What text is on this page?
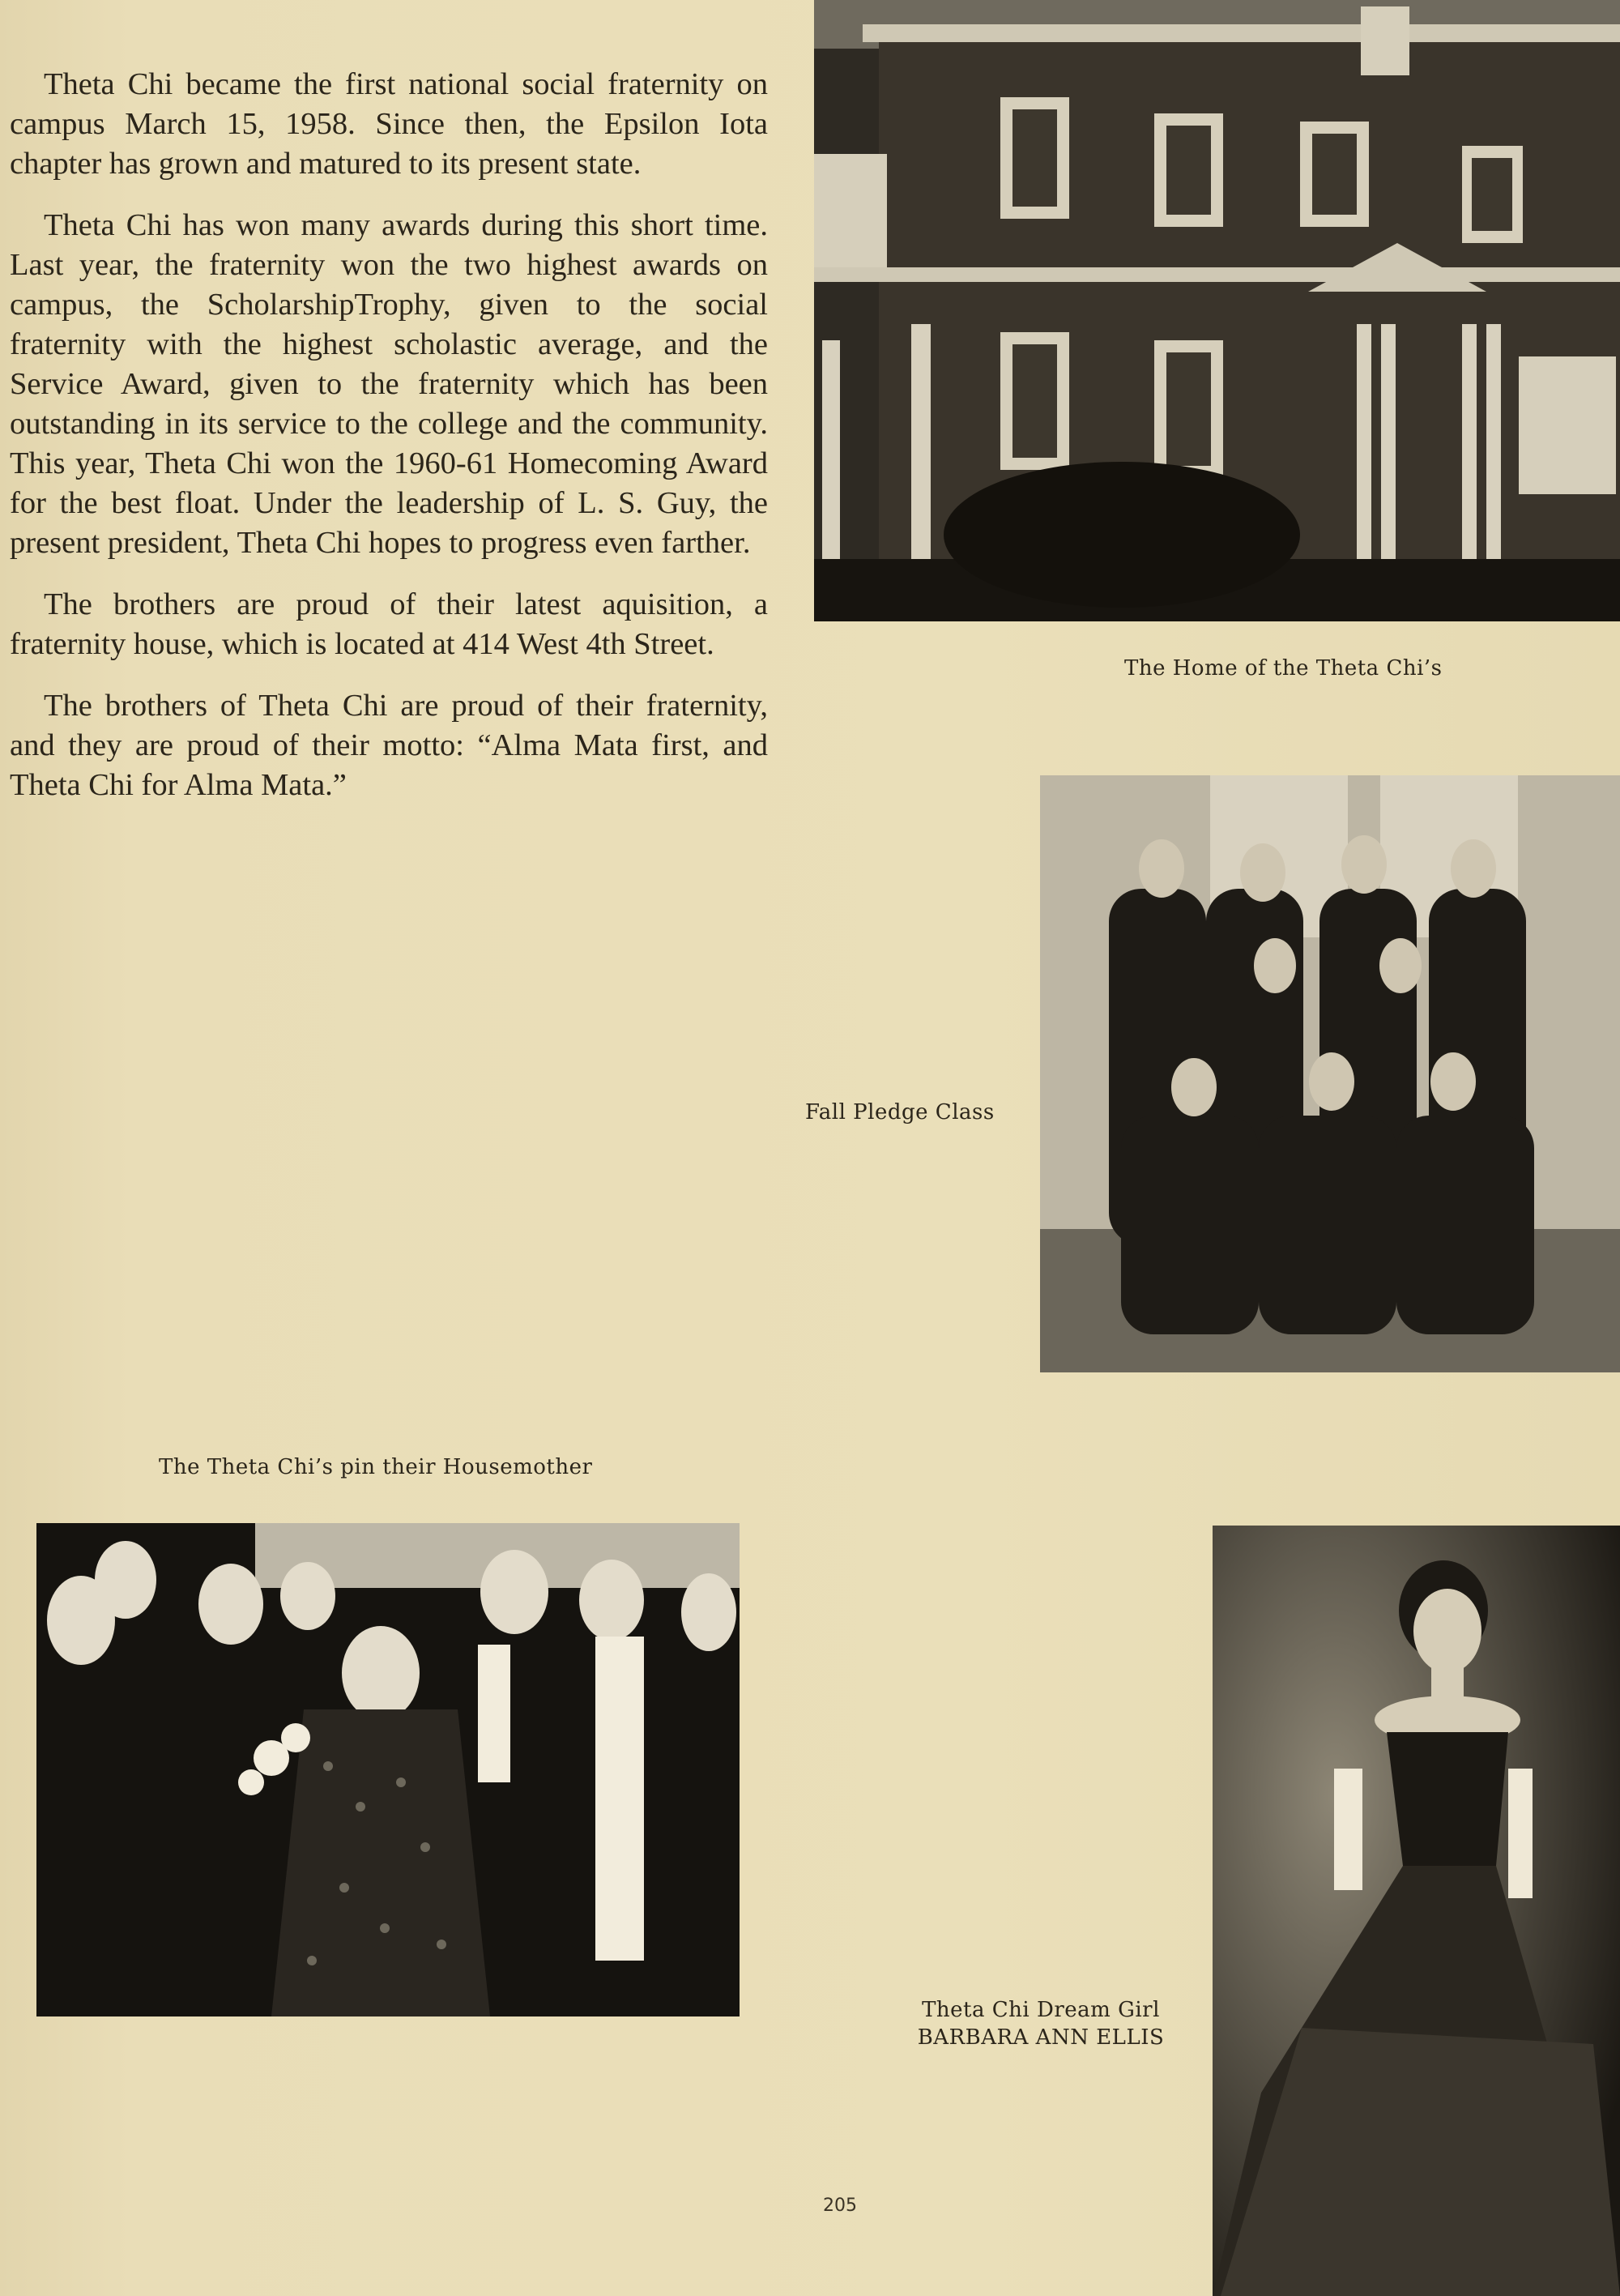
Theta Chi became the first national social fraternity on campus March 15, 1958. Since then, the Epsilon Iota chapter has grown and matured to its present state.

Theta Chi has won many awards during this short time. Last year, the fraternity won the two highest awards on campus, the ScholarshipTrophy, given to the social fraternity with the highest scholastic average, and the Service Award, given to the fraternity which has been outstanding in its service to the college and the community. This year, Theta Chi won the 1960-61 Homecoming Award for the best float. Under the leadership of L. S. Guy, the present president, Theta Chi hopes to progress even farther.

The brothers are proud of their latest aquisition, a fraternity house, which is located at 414 West 4th Street.

The brothers of Theta Chi are proud of their fraternity, and they are proud of their motto: “Alma Mata first, and Theta Chi for Alma Mata.”

The Home of the Theta Chi’s
Fall Pledge Class
The Theta Chi’s pin their Housemother
Theta Chi Dream Girl
BARBARA ANN ELLIS
205
